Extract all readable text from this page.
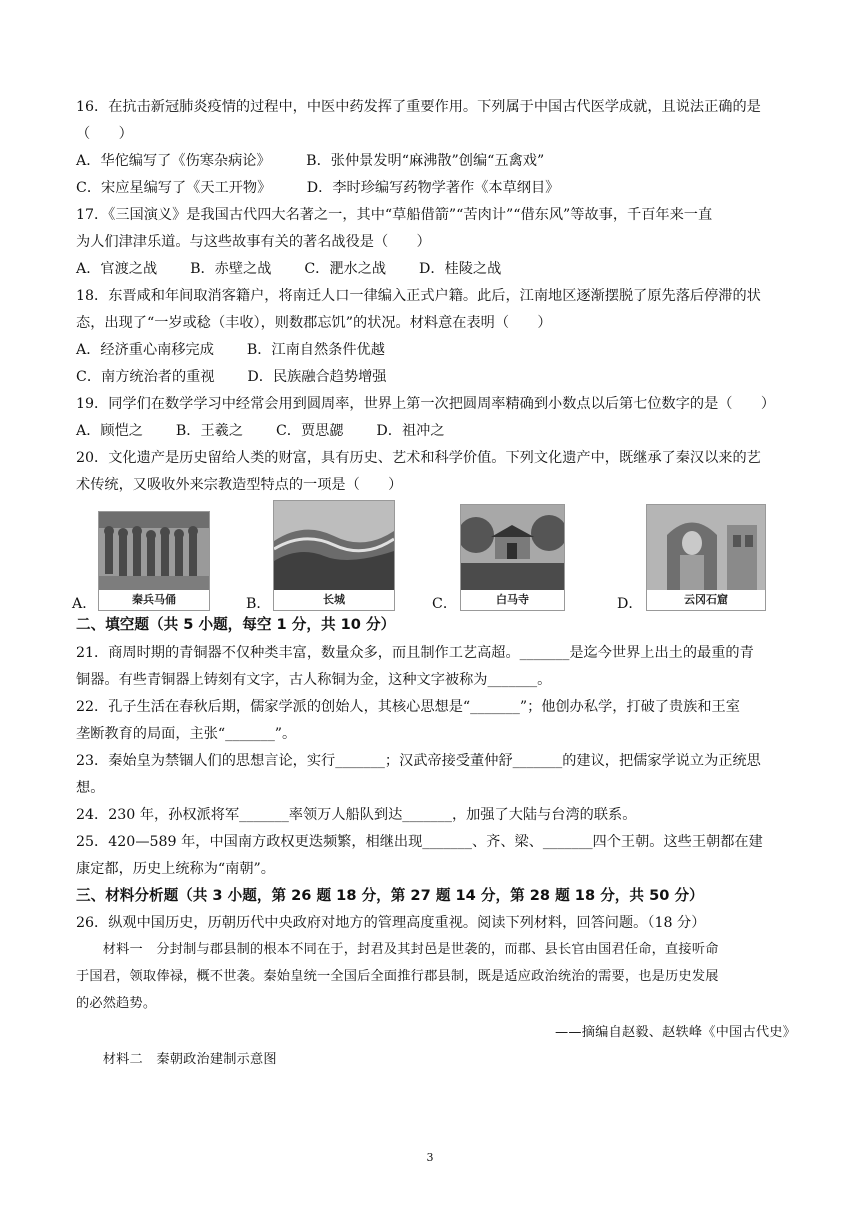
16．在抗击新冠肺炎疫情的过程中，中医中药发挥了重要作用。下列属于中国古代医学成就，且说法正确的是
（　　）
A．华佗编写了《伤寒杂病论》　　　B．张仲景发明“麻沸散”创编“五禽戏”
C．宋应星编写了《天工开物》　　　D．李时珍编写药物学著作《本草纲目》
17．《三国演义》是我国古代四大名著之一，其中“草船借箭”“苦肉计”“借东风”等故事，千百年来一直
为人们津津乐道。与这些故事有关的著名战役是（　　）
A．官渡之战　　 B．赤壁之战　　 C．淝水之战　　 D．桂陵之战
18．东晋咸和年间取消客籍户，将南迁人口一律编入正式户籍。此后，江南地区逐渐摆脱了原先落后停滞的状
态，出现了“一岁或稔（丰收），则数郡忘饥”的状况。材料意在表明（　　）
A．经济重心南移完成　　 B．江南自然条件优越
C．南方统治者的重视　　 D．民族融合趋势增强
19．同学们在数学学习中经常会用到圆周率，世界上第一次把圆周率精确到小数点以后第七位数字的是（　　）
A．顾恺之　　 B．王羲之　　 C．贾思勰　　 D．祖冲之
20．文化遗产是历史留给人类的财富，具有历史、艺术和科学价值。下列文化遗产中，既继承了秦汉以来的艺
术传统，又吸收外来宗教造型特点的一项是（　　）
A．	秦兵马俑	B．	长城	C．	白马寺	D．	云冈石窟
二、填空题（共 5 小题，每空 1 分，共 10 分）
21．商周时期的青铜器不仅种类丰富，数量众多，而且制作工艺高超。_______是迄今世界上出土的最重的青
铜器。有些青铜器上铸刻有文字，古人称铜为金，这种文字被称为_______。
22．孔子生活在春秋后期，儒家学派的创始人，其核心思想是“_______”；他创办私学，打破了贵族和王室
垄断教育的局面，主张“_______”。
23．秦始皇为禁锢人们的思想言论，实行_______；汉武帝接受董仲舒_______的建议，把儒家学说立为正统思
想。
24．230 年，孙权派将军_______率领万人船队到达_______，加强了大陆与台湾的联系。
25．420—589 年，中国南方政权更迭频繁，相继出现_______、齐、梁、_______四个王朝。这些王朝都在建
康定都，历史上统称为“南朝”。
三、材料分析题（共 3 小题，第 26 题 18 分，第 27 题 14 分，第 28 题 18 分，共 50 分）
26．纵观中国历史，历朝历代中央政府对地方的管理高度重视。阅读下列材料，回答问题。（18 分）
　　材料一　分封制与郡县制的根本不同在于，封君及其封邑是世袭的，而郡、县长官由国君任命，直接听命
于国君，领取俸禄，概不世袭。秦始皇统一全国后全面推行郡县制，既是适应政治统治的需要，也是历史发展
的必然趋势。
——摘编自赵毅、赵轶峰《中国古代史》
　　材料二　秦朝政治建制示意图
3
